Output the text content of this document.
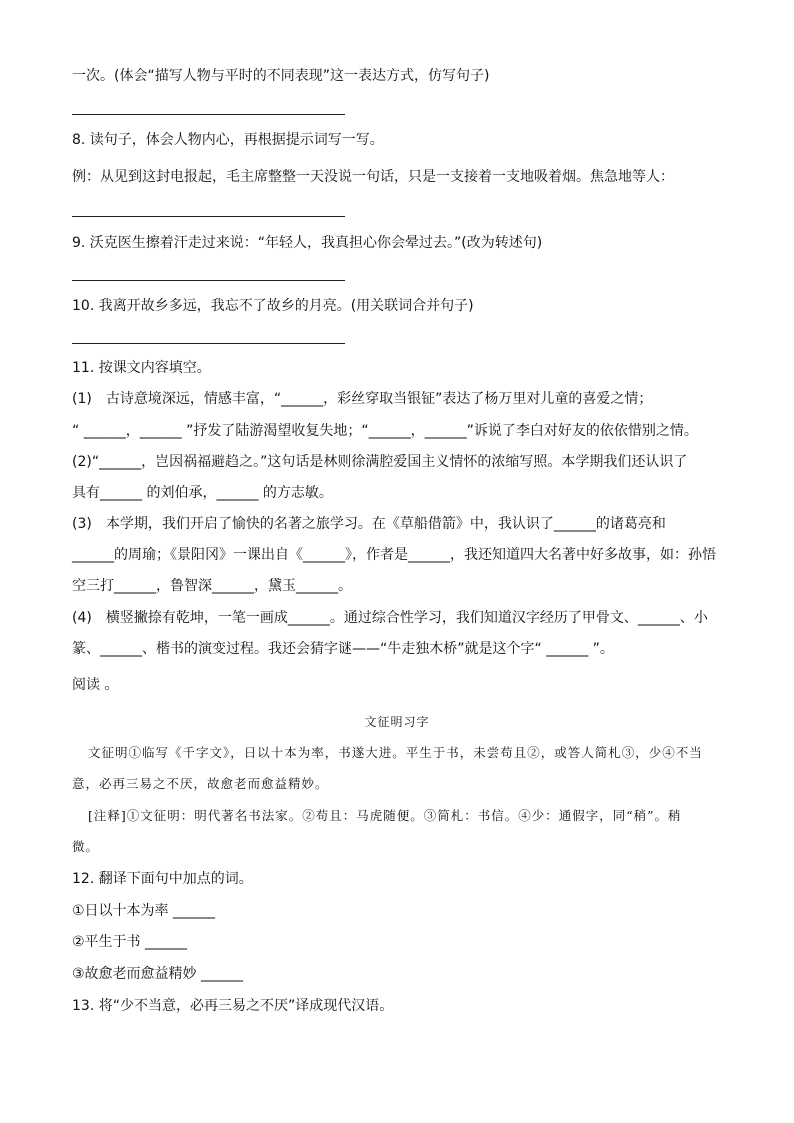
一次。(体会“描写人物与平时的不同表现”这一表达方式，仿写句子)
8. 读句子，体会人物内心，再根据提示词写一写。
例：从见到这封电报起，毛主席整整一天没说一句话，只是一支接着一支地吸着烟。焦急地等人：
9. 沃克医生擦着汗走过来说：“年轻人，我真担心你会晕过去。”(改为转述句)
10. 我离开故乡多远，我忘不了故乡的月亮。(用关联词合并句子)
11. 按课文内容填空。
(1)　古诗意境深远，情感丰富，“______，彩丝穿取当银钲”表达了杨万里对儿童的喜爱之情；
“ ______，______ ”抒发了陆游渴望收复失地；“______，______”诉说了李白对好友的依依惜别之情。
(2)“______，岂因祸福避趋之。”这句话是林则徐满腔爱国主义情怀的浓缩写照。本学期我们还认识了
具有______ 的刘伯承，______ 的方志敏。
(3)　本学期，我们开启了愉快的名著之旅学习。在《草船借箭》中，我认识了______的诸葛亮和
______的周瑜；《景阳冈》一课出自《______》，作者是______，我还知道四大名著中好多故事，如：孙悟
空三打______，鲁智深______，黛玉______。
(4)　横竖撇捺有乾坤，一笔一画成______。通过综合性学习，我们知道汉字经历了甲骨文、______、小
篆、______、楷书的演变过程。我还会猜字谜——“牛走独木桥”就是这个字“ ______ ”。
阅读 。
文征明习字
文征明①临写《千字文》，日以十本为率，书遂大进。平生于书，未尝苟且②，或答人简札③，少④不当
意，必再三易之不厌，故愈老而愈益精妙。
[注释]①文征明：明代著名书法家。②苟且：马虎随便。③简札：书信。④少：通假字，同“稍”。稍
微。
12. 翻译下面句中加点的词。
①日以十本为率 ______
②平生于书 ______
③故愈老而愈益精妙 ______
13. 将“少不当意，必再三易之不厌”译成现代汉语。
